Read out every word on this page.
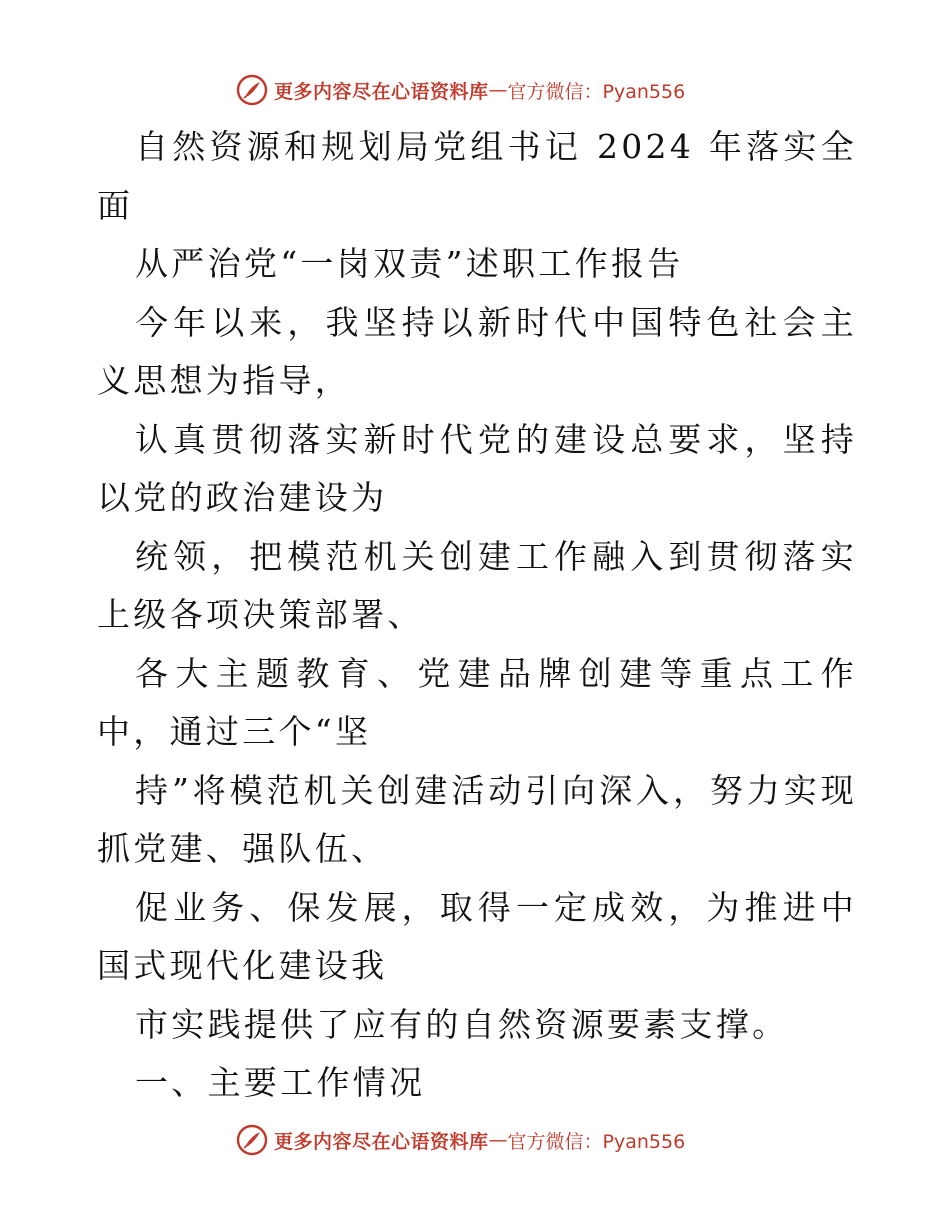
更多内容尽在心语资料库 — 官方微信：Pyan556

自然资源和规划局党组书记 2024 年落实全面

从严治党“一岗双责”述职工作报告

今年以来，我坚持以新时代中国特色社会主义思想为指导，

认真贯彻落实新时代党的建设总要求，坚持以党的政治建设为

统领，把模范机关创建工作融入到贯彻落实上级各项决策部署、

各大主题教育、党建品牌创建等重点工作中，通过三个“坚

持”将模范机关创建活动引向深入，努力实现抓党建、强队伍、

促业务、保发展，取得一定成效，为推进中国式现代化建设我

市实践提供了应有的自然资源要素支撑。

一、主要工作情况

更多内容尽在心语资料库 — 官方微信：Pyan556
